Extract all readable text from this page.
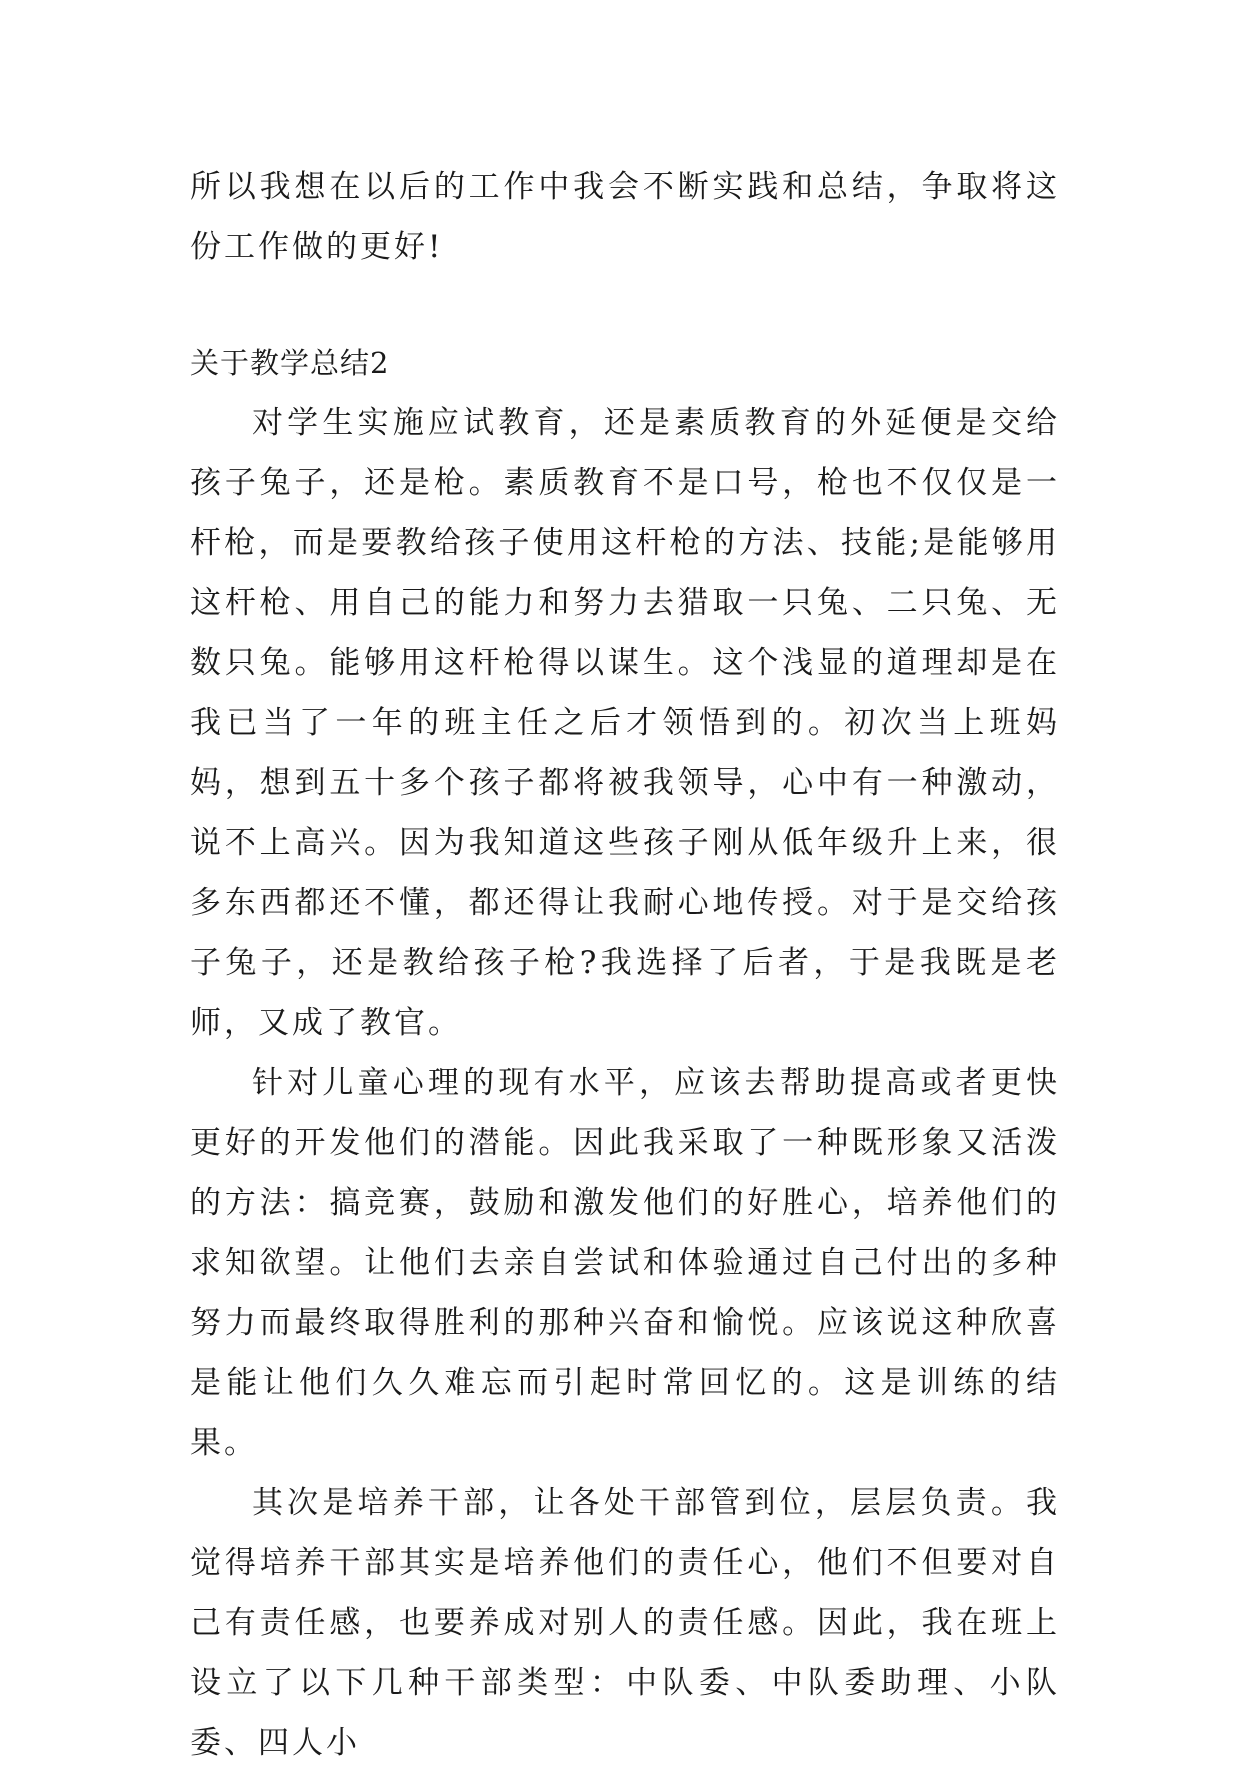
所以我想在以后的工作中我会不断实践和总结，争取将这份工作做的更好!
关于教学总结2

对学生实施应试教育，还是素质教育的外延便是交给孩子兔子，还是枪。素质教育不是口号，枪也不仅仅是一杆枪，而是要教给孩子使用这杆枪的方法、技能;是能够用这杆枪、用自己的能力和努力去猎取一只兔、二只兔、无数只兔。能够用这杆枪得以谋生。这个浅显的道理却是在我已当了一年的班主任之后才领悟到的。初次当上班妈妈，想到五十多个孩子都将被我领导，心中有一种激动，说不上高兴。因为我知道这些孩子刚从低年级升上来，很多东西都还不懂，都还得让我耐心地传授。对于是交给孩子兔子，还是教给孩子枪?我选择了后者，于是我既是老师，又成了教官。

针对儿童心理的现有水平，应该去帮助提高或者更快更好的开发他们的潜能。因此我采取了一种既形象又活泼的方法：搞竞赛，鼓励和激发他们的好胜心，培养他们的求知欲望。让他们去亲自尝试和体验通过自己付出的多种努力而最终取得胜利的那种兴奋和愉悦。应该说这种欣喜是能让他们久久难忘而引起时常回忆的。这是训练的结果。

其次是培养干部，让各处干部管到位，层层负责。我觉得培养干部其实是培养他们的责任心，他们不但要对自己有责任感，也要养成对别人的责任感。因此，我在班上设立了以下几种干部类型：中队委、中队委助理、小队委、四人小
